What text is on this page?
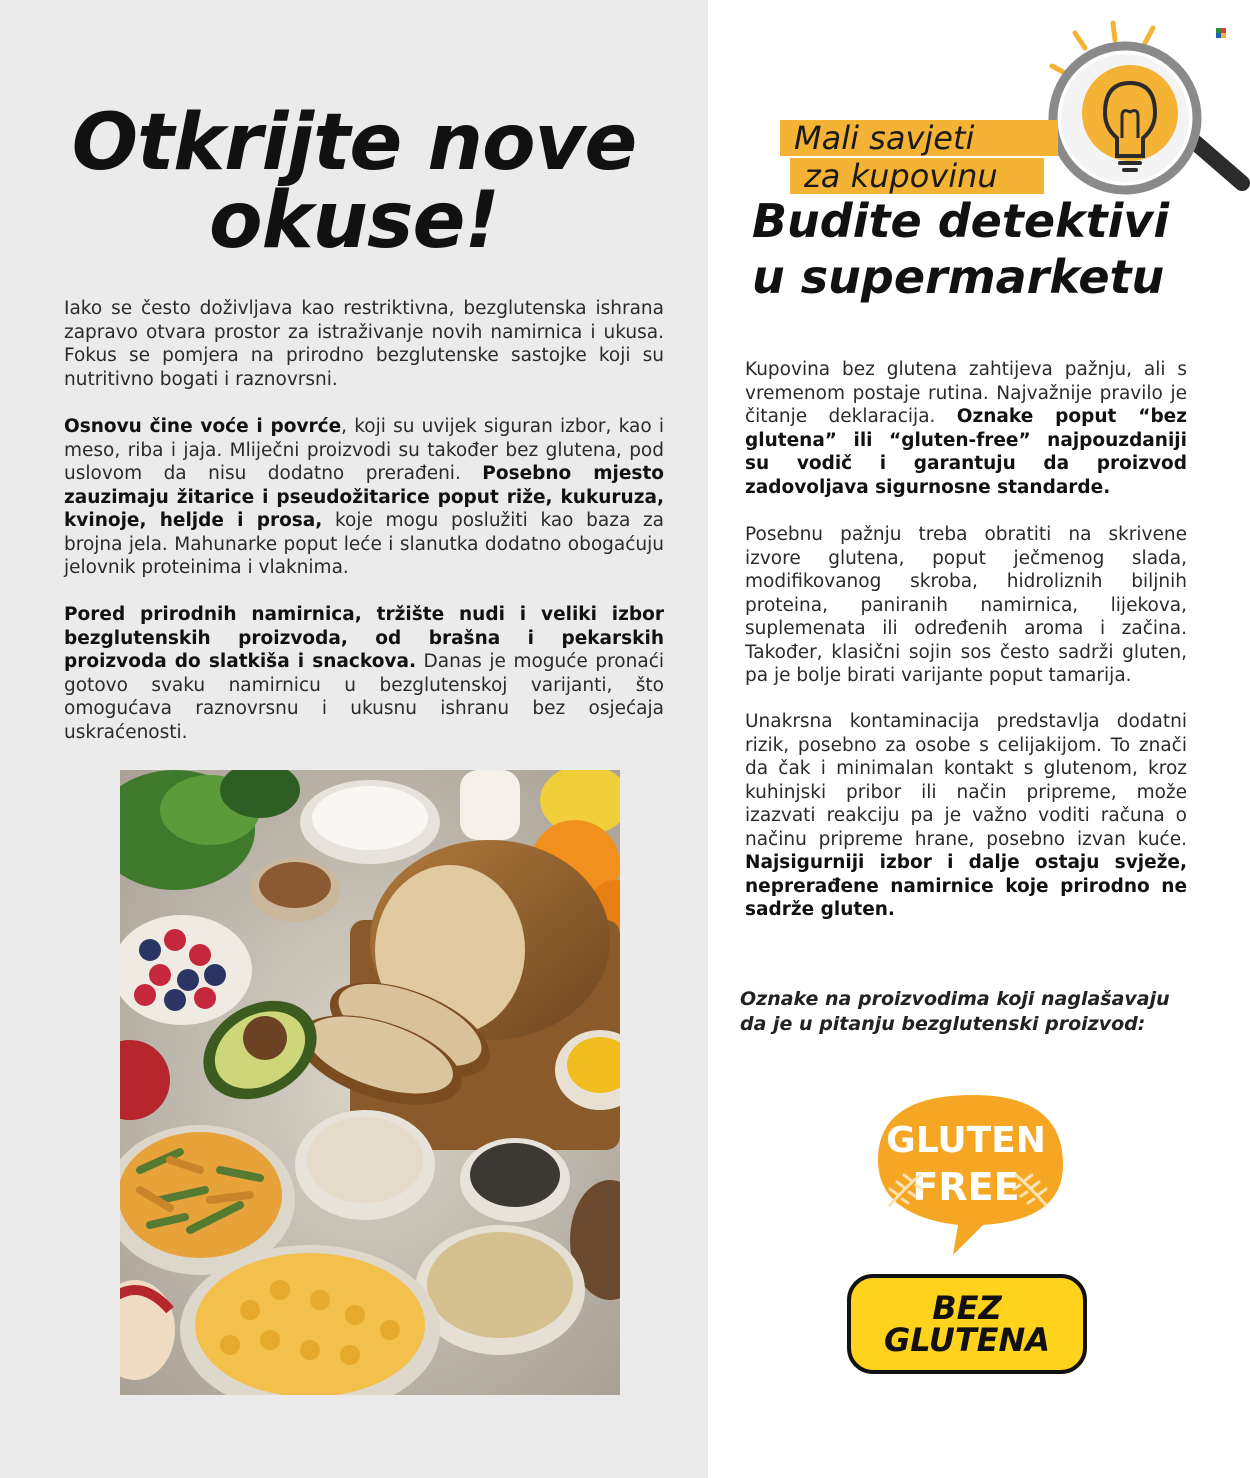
Otkrijte nove
okuse!

Iako se često doživljava kao restriktivna, bezglutenska ishrana zapravo otvara prostor za istraživanje novih namirnica i ukusa. Fokus se pomjera na prirodno bezglutenske sastojke koji su nutritivno bogati i raznovrsni.

Osnovu čine voće i povrće, koji su uvijek siguran izbor, kao i meso, riba i jaja. Mliječni proizvodi su također bez glutena, pod uslovom da nisu dodatno prerađeni. Posebno mjesto zauzimaju žitarice i pseudožitarice poput riže, kukuruza, kvinoje, heljde i prosa, koje mogu poslužiti kao baza za brojna jela. Mahunarke poput leće i slanutka dodatno obogaćuju jelovnik proteinima i vlaknima.

Pored prirodnih namirnica, tržište nudi i veliki izbor bezglutenskih proizvoda, od brašna i pekarskih proizvoda do slatkiša i snackova. Danas je moguće pronaći gotovo svaku namirnicu u bezglutenskoj varijanti, što omogućava raznovrsnu i ukusnu ishranu bez osjećaja uskraćenosti.

Mali savjeti
za kupovinu
Budite detektivi
u supermarketu

Kupovina bez glutena zahtijeva pažnju, ali s vremenom postaje rutina. Najvažnije pravilo je čitanje deklaracija. Oznake poput “bez glutena” ili “gluten-free” najpouzdaniji su vodič i garantuju da proizvod zadovoljava sigurnosne standarde.

Posebnu pažnju treba obratiti na skrivene izvore glutena, poput ječmenog slada, modifikovanog skroba, hidroliznih biljnih proteina, paniranih namirnica, lijekova, suplemenata ili određenih aroma i začina. Također, klasični sojin sos često sadrži gluten, pa je bolje birati varijante poput tamarija.

Unakrsna kontaminacija predstavlja dodatni rizik, posebno za osobe s celijakijom. To znači da čak i minimalan kontakt s glutenom, kroz kuhinjski pribor ili način pripreme, može izazvati reakciju pa je važno voditi računa o načinu pripreme hrane, posebno izvan kuće. Najsigurniji izbor i dalje ostaju svježe, neprerađene namirnice koje prirodno ne sadrže gluten.

Oznake na proizvodima koji naglašavaju
da je u pitanju bezglutenski proizvod:
GLUTEN
FREE
BEZ
GLUTENA
